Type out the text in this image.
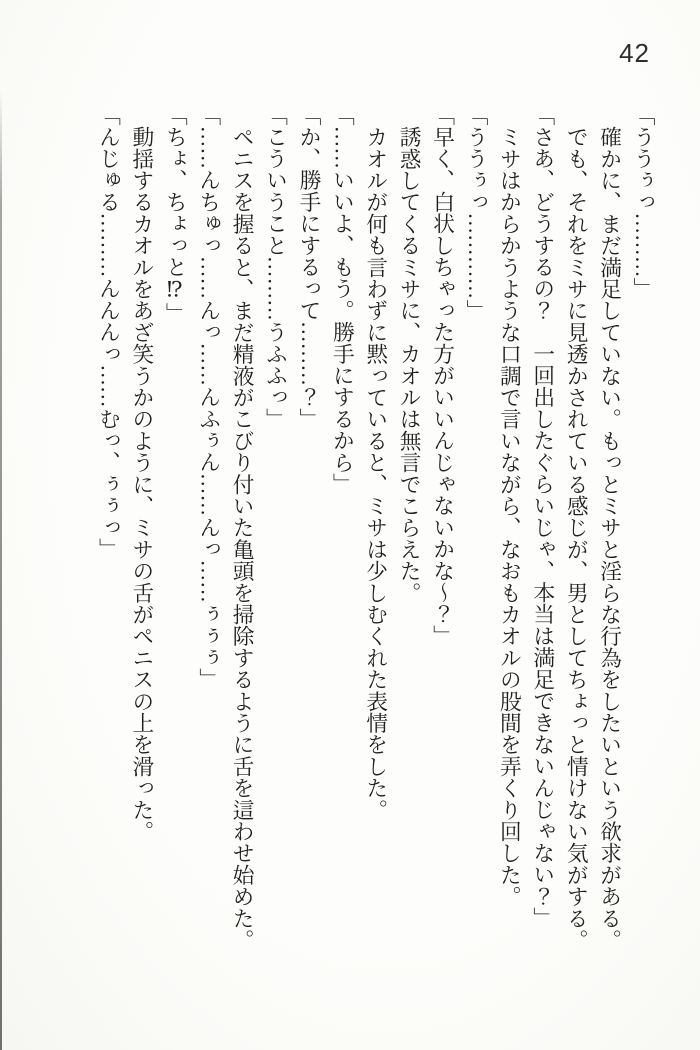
42

「ううぅっ………」

確かに、まだ満足していない。もっとミサと淫らな行為をしたいという欲求がある。

でも、それをミサに見透かされている感じが、男としてちょっと情けない気がする。

「さあ、どうするの？　一回出したぐらいじゃ、本当は満足できないんじゃない？」

ミサはからかうような口調で言いながら、なおもカオルの股間を弄くり回した。

「ううぅっ…………」

「早く、白状しちゃった方がいいんじゃないかな～？」

誘惑してくるミサに、カオルは無言でこらえた。

カオルが何も言わずに黙っていると、ミサは少しむくれた表情をした。

「……いいよ、もう。勝手にするから」

「か、勝手にするって………？」

「こういうこと………うふふっ」

ペニスを握ると、まだ精液がこびり付いた亀頭を掃除するように舌を這わせ始めた。

「……んちゅっ……んっ……んふぅん……んっ……ぅぅぅ」

「ちょ、ちょっと⁉」

動揺するカオルをあざ笑うかのように、ミサの舌がペニスの上を滑った。

「んじゅる………んんんっ……むっ、ぅぅっ」
